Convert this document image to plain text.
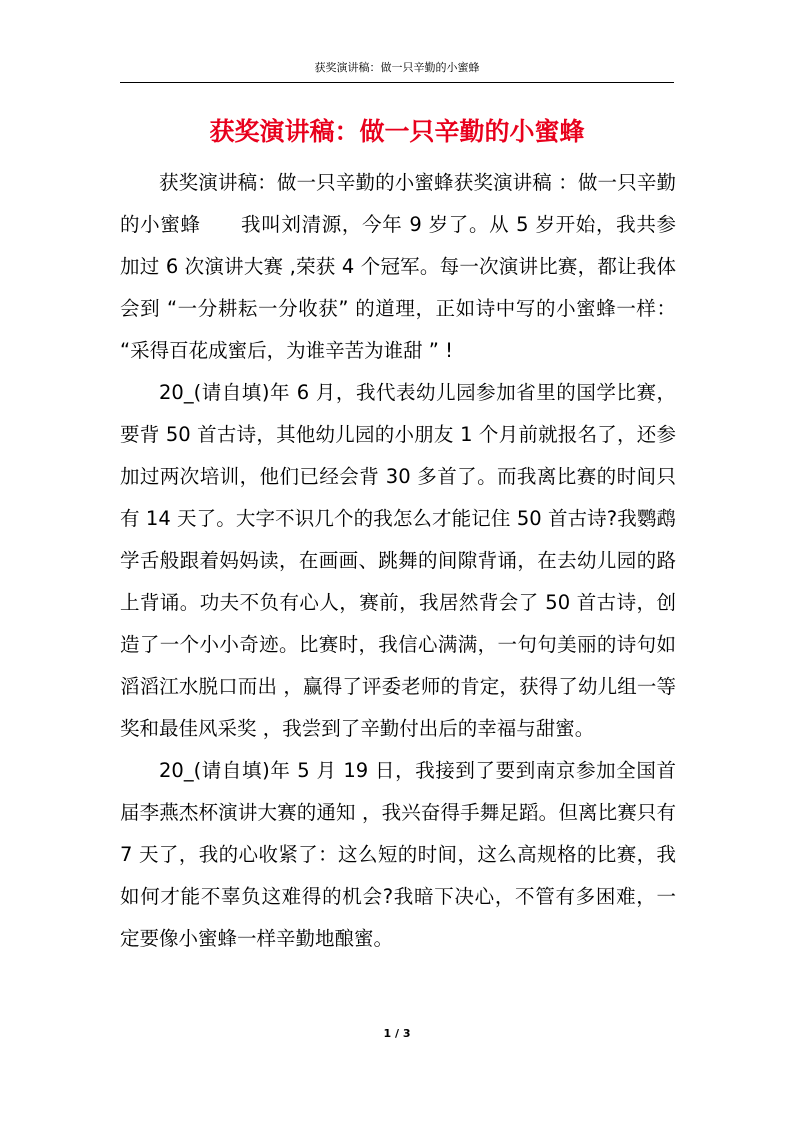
获奖演讲稿：做一只辛勤的小蜜蜂
获奖演讲稿：做一只辛勤的小蜜蜂

获奖演讲稿：做一只辛勤的小蜜蜂获奖演讲稿 ：做一只辛勤的小蜜蜂　　我叫刘清源，今年 9 岁了。从 5 岁开始，我共参加过 6 次演讲大赛 ,荣获 4 个冠军。每一次演讲比赛，都让我体会到 “一分耕耘一分收获” 的道理，正如诗中写的小蜜蜂一样： “采得百花成蜜后，为谁辛苦为谁甜 ” !

20_(请自填)年 6 月，我代表幼儿园参加省里的国学比赛，要背 50 首古诗，其他幼儿园的小朋友 1 个月前就报名了，还参加过两次培训，他们已经会背 30 多首了。而我离比赛的时间只有 14 天了。大字不识几个的我怎么才能记住 50 首古诗?我鹦鹉学舌般跟着妈妈读，在画画、跳舞的间隙背诵，在去幼儿园的路上背诵。功夫不负有心人，赛前，我居然背会了 50 首古诗，创造了一个小小奇迹。比赛时，我信心满满，一句句美丽的诗句如滔滔江水脱口而出 ，赢得了评委老师的肯定，获得了幼儿组一等奖和最佳风采奖 ，我尝到了辛勤付出后的幸福与甜蜜。

20_(请自填)年 5 月 19 日，我接到了要到南京参加全国首届李燕杰杯演讲大赛的通知 ，我兴奋得手舞足蹈。但离比赛只有 7 天了，我的心收紧了：这么短的时间，这么高规格的比赛，我如何才能不辜负这难得的机会?我暗下决心，不管有多困难，一定要像小蜜蜂一样辛勤地酿蜜。

1 / 3
